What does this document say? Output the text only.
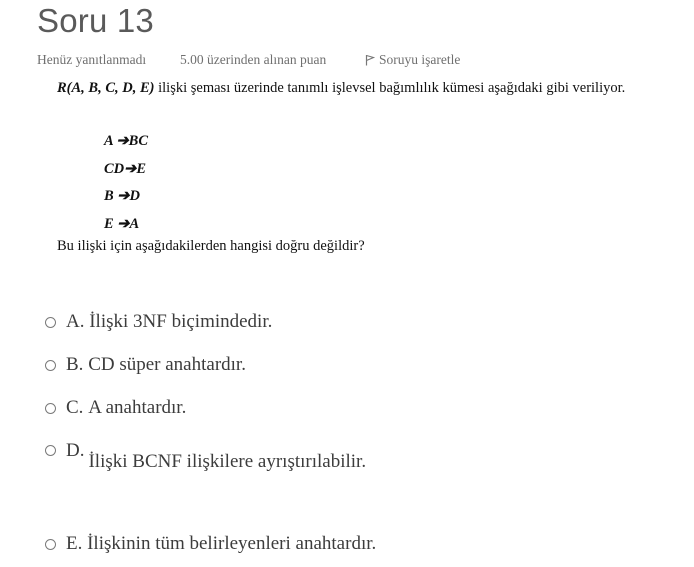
Soru 13
Henüz yanıtlanmadı	5.00 üzerinden alınan puan	Soruyu işaretle
R(A, B, C, D, E) ilişki şeması üzerinde tanımlı işlevsel bağımlılık kümesi aşağıdaki gibi veriliyor.
A ➔BC
CD➔E
B ➔D
E ➔A
Bu ilişki için aşağıdakilerden hangisi doğru değildir?
A.
İlişki 3NF biçimindedir.
B.
CD süper anahtardır.
C.
A anahtardır.
D.
İlişki BCNF ilişkilere ayrıştırılabilir.
E.
İlişkinin tüm belirleyenleri anahtardır.
